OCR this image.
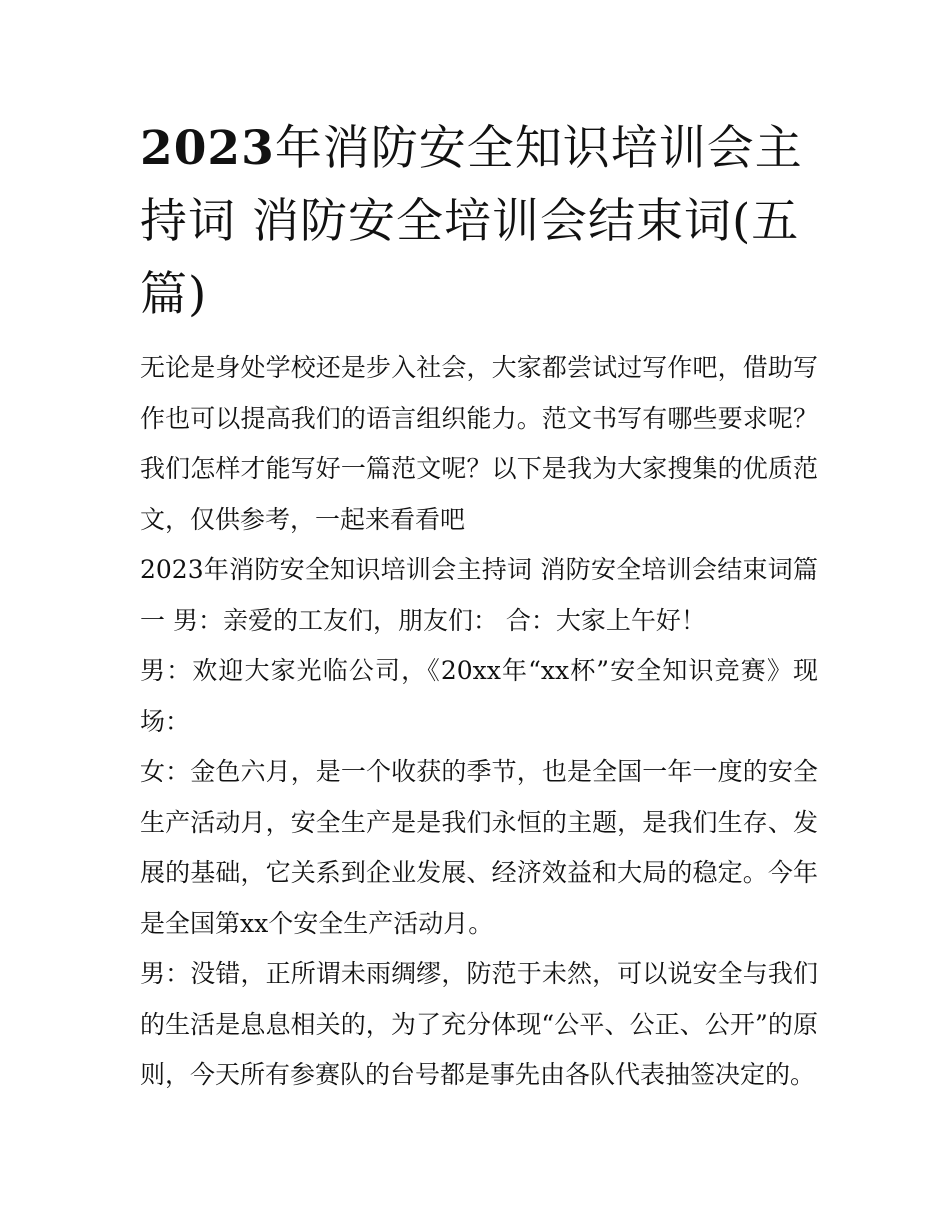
2023年消防安全知识培训会主持词 消防安全培训会结束词(五篇)

无论是身处学校还是步入社会，大家都尝试过写作吧，借助写作也可以提高我们的语言组织能力。范文书写有哪些要求呢？我们怎样才能写好一篇范文呢？以下是我为大家搜集的优质范文，仅供参考，一起来看看吧

2023年消防安全知识培训会主持词 消防安全培训会结束词篇一 男：亲爱的工友们，朋友们： 合：大家上午好！

男：欢迎大家光临公司，《20xx年“xx杯”安全知识竞赛》现场：

女：金色六月，是一个收获的季节，也是全国一年一度的安全生产活动月，安全生产是是我们永恒的主题，是我们生存、发展的基础，它关系到企业发展、经济效益和大局的稳定。今年是全国第xx个安全生产活动月。

男：没错，正所谓未雨绸缪，防范于未然，可以说安全与我们的生活是息息相关的，为了充分体现“公平、公正、公开”的原则，今天所有参赛队的台号都是事先由各队代表抽签决定的。
